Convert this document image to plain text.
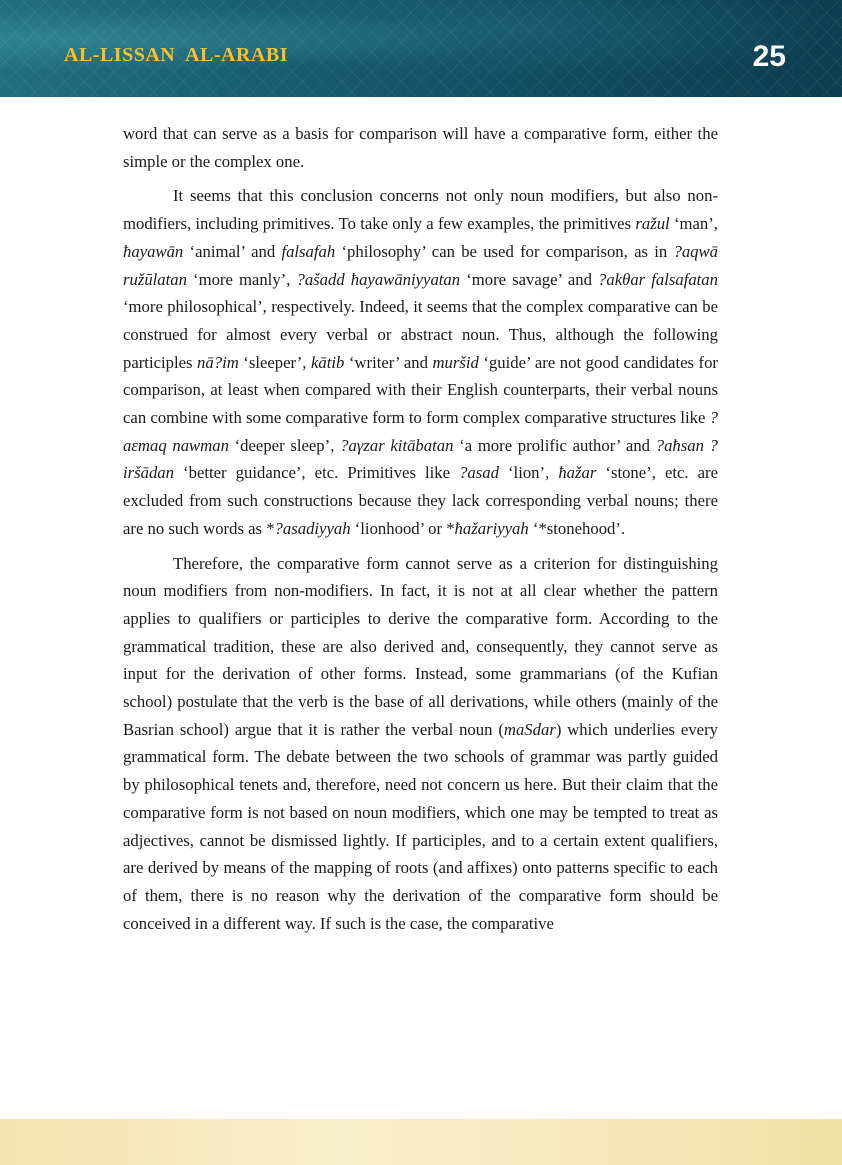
AL-LISSAN  AL-ARABI	25

word that can serve as a basis for comparison will have a comparative form, either the simple or the complex one.

It seems that this conclusion concerns not only noun modifiers, but also non-modifiers, including primitives. To take only a few examples, the primitives ražul ‘man’, ħayawān ‘animal’ and falsafah ‘philosophy’ can be used for comparison, as in ?aqwā ružūlatan ‘more manly’, ?ašadd ħayawāniyyatan ‘more savage’ and ?akθar falsafatan ‘more philosophical’, respectively. Indeed, it seems that the complex comparative can be construed for almost every verbal or abstract noun. Thus, although the following participles nā?im ‘sleeper’, kātib ‘writer’ and muršid ‘guide’ are not good candidates for comparison, at least when compared with their English counterparts, their verbal nouns can combine with some comparative form to form complex comparative structures like ?aεmaq nawman ‘deeper sleep’, ?aγzar kitābatan ‘a more prolific author’ and ?aħsan ?iršādan ‘better guidance’, etc. Primitives like ?asad ‘lion’, ħažar ‘stone’, etc. are excluded from such constructions because they lack corresponding verbal nouns; there are no such words as *?asadiyyah ‘lionhood’ or *ħažariyyah ‘*stonehood’.

Therefore, the comparative form cannot serve as a criterion for distinguishing noun modifiers from non-modifiers. In fact, it is not at all clear whether the pattern applies to qualifiers or participles to derive the comparative form. According to the grammatical tradition, these are also derived and, consequently, they cannot serve as input for the derivation of other forms. Instead, some grammarians (of the Kufian school) postulate that the verb is the base of all derivations, while others (mainly of the Basrian school) argue that it is rather the verbal noun (maSdar) which underlies every grammatical form. The debate between the two schools of grammar was partly guided by philosophical tenets and, therefore, need not concern us here. But their claim that the comparative form is not based on noun modifiers, which one may be tempted to treat as adjectives, cannot be dismissed lightly. If participles, and to a certain extent qualifiers, are derived by means of the mapping of roots (and affixes) onto patterns specific to each of them, there is no reason why the derivation of the comparative form should be conceived in a different way. If such is the case, the comparative
